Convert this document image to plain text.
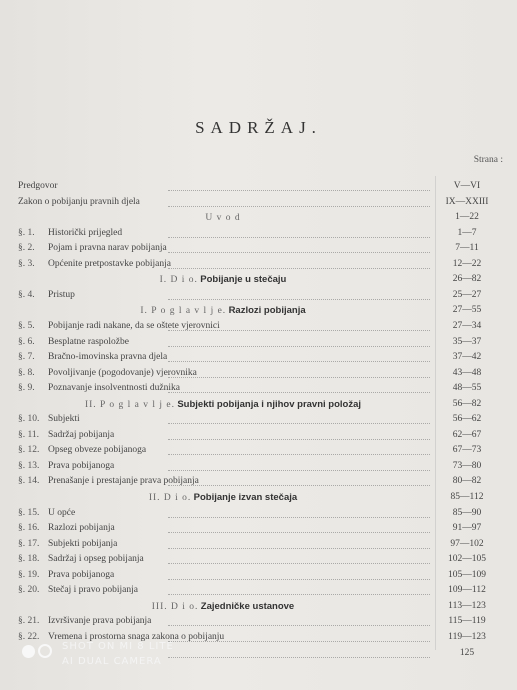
SADRŽAJ.
Strana :
Predgovor	V—VI
Zakon o pobijanju pravnih djela	IX—XXIII
U v o d	1—22
§. 1. Historički prijegled	1—7
§. 2. Pojam i pravna narav pobijanja	7—11
§. 3. Općenite pretpostavke pobijanja	12—22
I. D i o. Pobijanje u stečaju	26—82
§. 4. Pristup	25—27
I. P o g l a v l j e. Razlozi pobijanja	27—55
§. 5. Pobijanje radi nakane, da se oštete vjerovnici	27—34
§. 6. Besplatne raspoložbe	35—37
§. 7. Bračno-imovinska pravna djela	37—42
§. 8. Povoljivanje (pogodovanje) vjerovnika	43—48
§. 9. Poznavanje insolventnosti dužnika	48—55
II. P o g l a v l j e. Subjekti pobijanja i njihov pravni položaj	56—82
§. 10. Subjekti	56—62
§. 11. Sadržaj pobijanja	62—67
§. 12. Opseg obveze pobijanoga	67—73
§. 13. Prava pobijanoga	73—80
§. 14. Prenašanje i prestajanje prava pobijanja	80—82
II. D i o. Pobijanje izvan stečaja	85—112
§. 15. U opće	85—90
§. 16. Razlozi pobijanja	91—97
§. 17. Subjekti pobijanja	97—102
§. 18. Sadržaj i opseg pobijanja	102—105
§. 19. Prava pobijanoga	105—109
§. 20. Stečaj i pravo pobijanja	109—112
III. D i o. Zajedničke ustanove	113—123
§. 21. Izvršivanje prava pobijanja	115—119
§. 22. Vremena i prostorna snaga zakona o pobijanju	119—123
125
SHOT ON MI 8 LITE
AI DUAL CAMERA
